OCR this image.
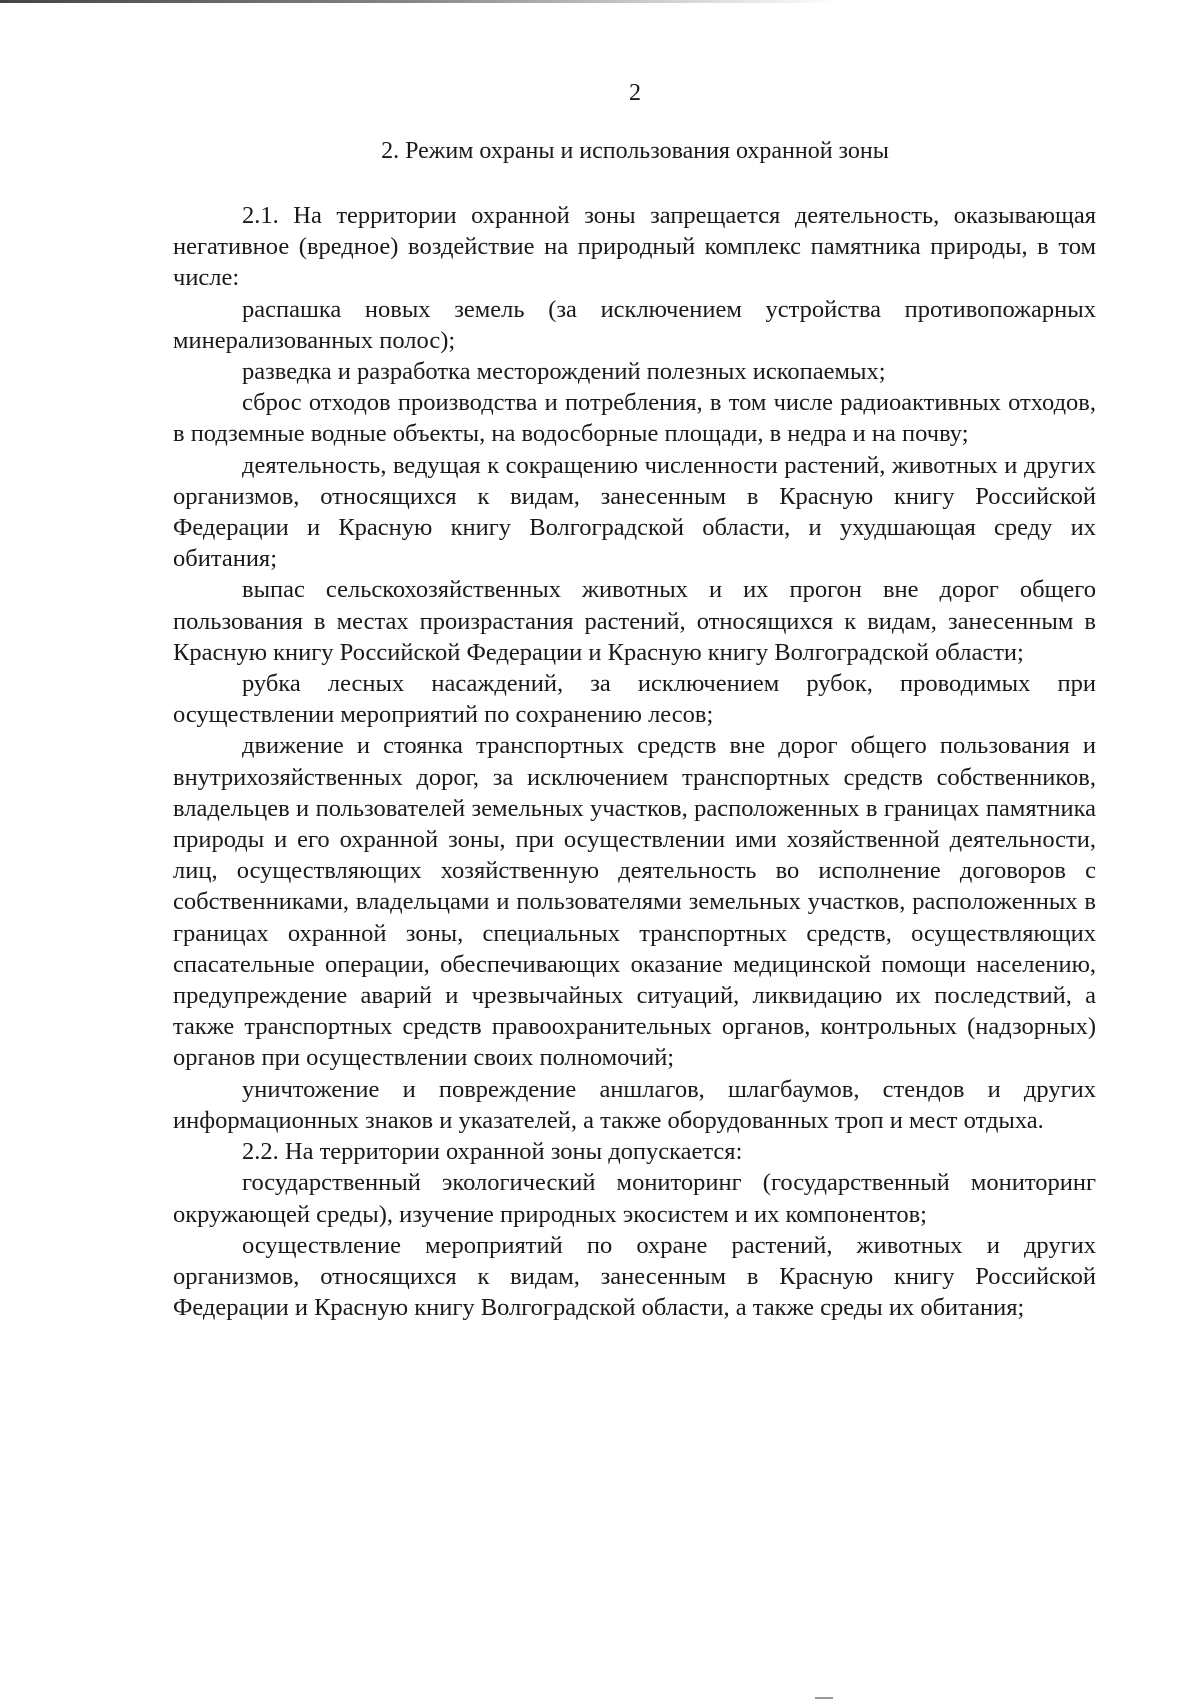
2
2. Режим охраны и использования охранной зоны

2.1. На территории охранной зоны запрещается деятельность, оказывающая негативное (вредное) воздействие на природный комплекс памятника природы, в том числе:

распашка новых земель (за исключением устройства противопожарных минерализованных полос);

разведка и разработка месторождений полезных ископаемых;

сброс отходов производства и потребления, в том числе радиоактивных отходов, в подземные водные объекты, на водосборные площади, в недра и на почву;

деятельность, ведущая к сокращению численности растений, животных и других организмов, относящихся к видам, занесенным в Красную книгу Российской Федерации и Красную книгу Волгоградской области, и ухудшающая среду их обитания;

выпас сельскохозяйственных животных и их прогон вне дорог общего пользования в местах произрастания растений, относящихся к видам, занесенным в Красную книгу Российской Федерации и Красную книгу Волгоградской области;

рубка лесных насаждений, за исключением рубок, проводимых при осуществлении мероприятий по сохранению лесов;

движение и стоянка транспортных средств вне дорог общего пользования и внутрихозяйственных дорог, за исключением транспортных средств собственников, владельцев и пользователей земельных участков, расположенных в границах памятника природы и его охранной зоны, при осуществлении ими хозяйственной деятельности, лиц, осуществляющих хозяйственную деятельность во исполнение договоров с собственниками, владельцами и пользователями земельных участков, расположенных в границах охранной зоны, специальных транспортных средств, осуществляющих спасательные операции, обеспечивающих оказание медицинской помощи населению, предупреждение аварий и чрезвычайных ситуаций, ликвидацию их последствий, а также транспортных средств правоохранительных органов, контрольных (надзорных) органов при осуществлении своих полномочий;

уничтожение и повреждение аншлагов, шлагбаумов, стендов и других информационных знаков и указателей, а также оборудованных троп и мест отдыха.

2.2. На территории охранной зоны допускается:

государственный экологический мониторинг (государственный мониторинг окружающей среды), изучение природных экосистем и их компонентов;

осуществление мероприятий по охране растений, животных и других организмов, относящихся к видам, занесенным в Красную книгу Российской Федерации и Красную книгу Волгоградской области, а также среды их обитания;
